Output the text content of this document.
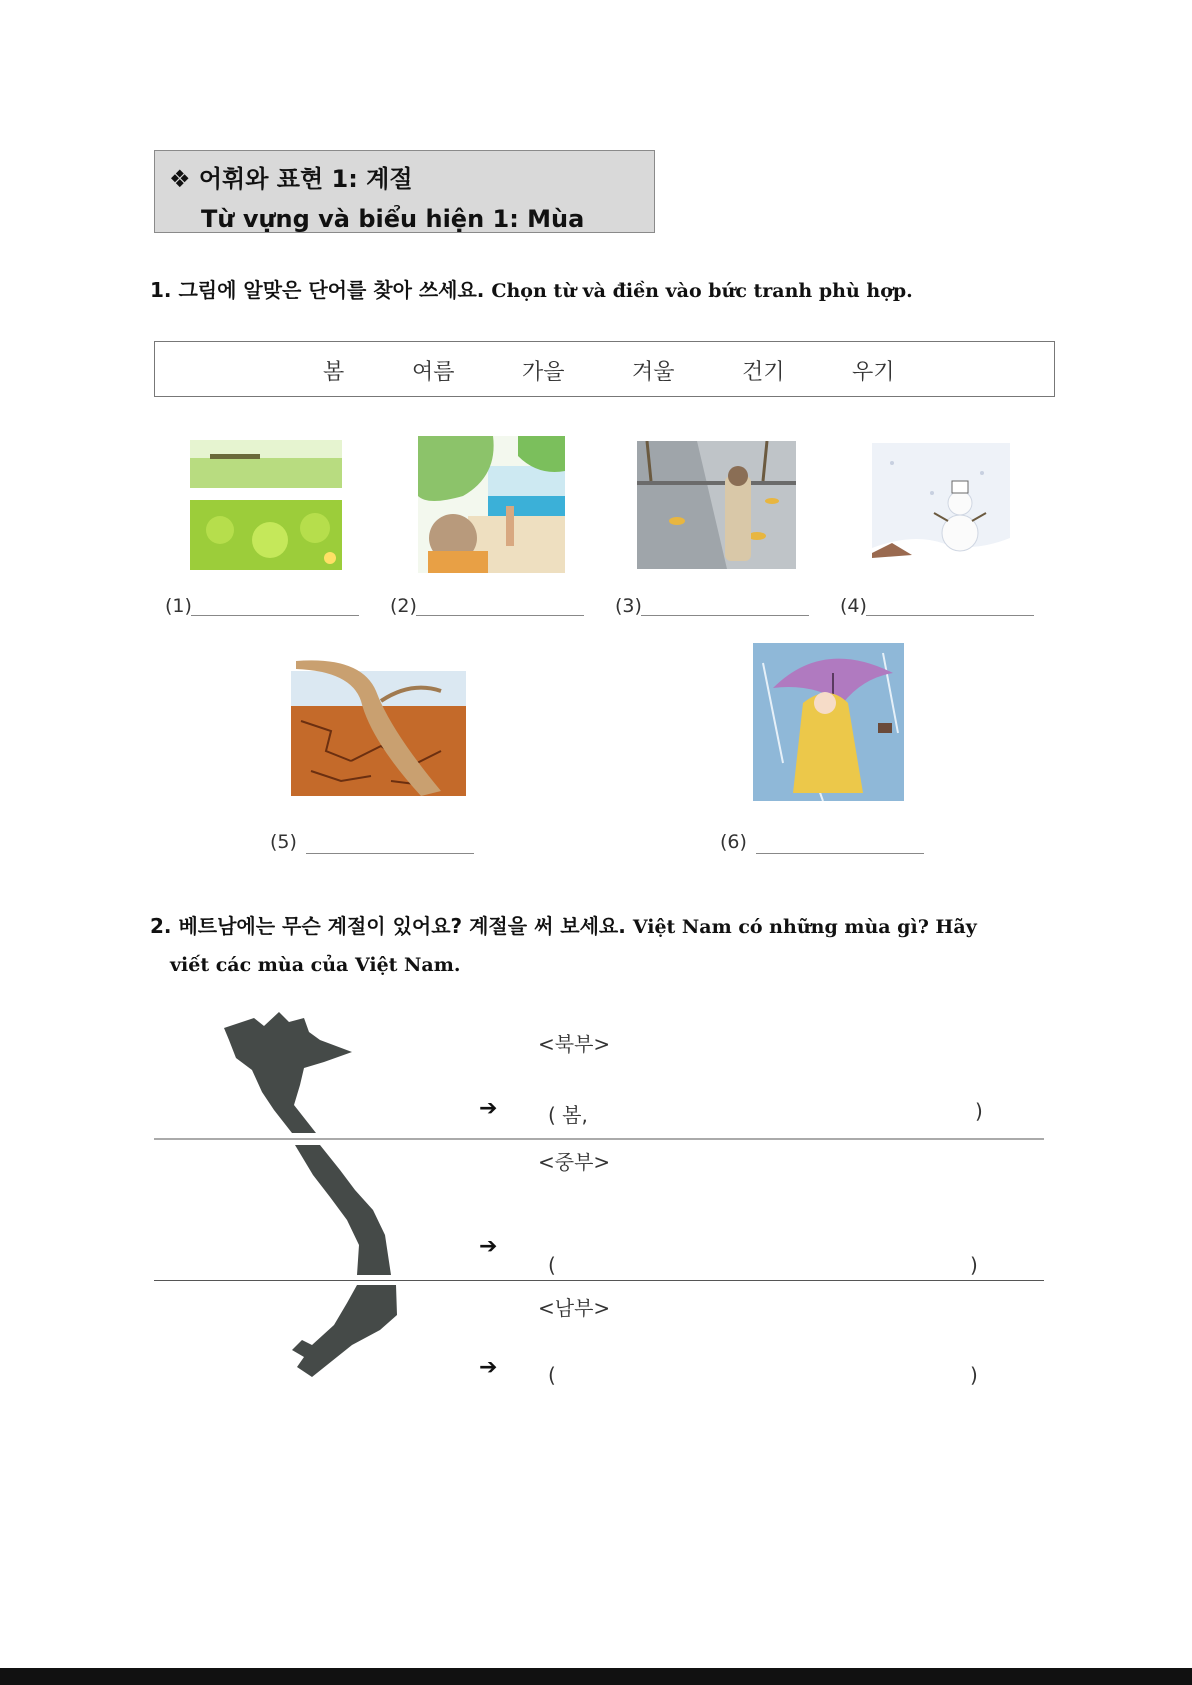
❖ 어휘와 표현 1: 계절
Từ vựng và biểu hiện 1: Mùa
1. 그림에 알맞은 단어를 찾아 쓰세요. Chọn từ và điền vào bức tranh phù hợp.
봄	여름	가을	겨울	건기	우기
(1)	(2)	(3)	(4)
(5)	(6)
2. 베트남에는 무슨 계절이 있어요? 계절을 써 보세요. Việt Nam có những mùa gì? Hãy
viết các mùa của Việt Nam.
<북부>
➔	( 봄,	)
<중부>
➔
(	)
<남부>
➔	(	)
